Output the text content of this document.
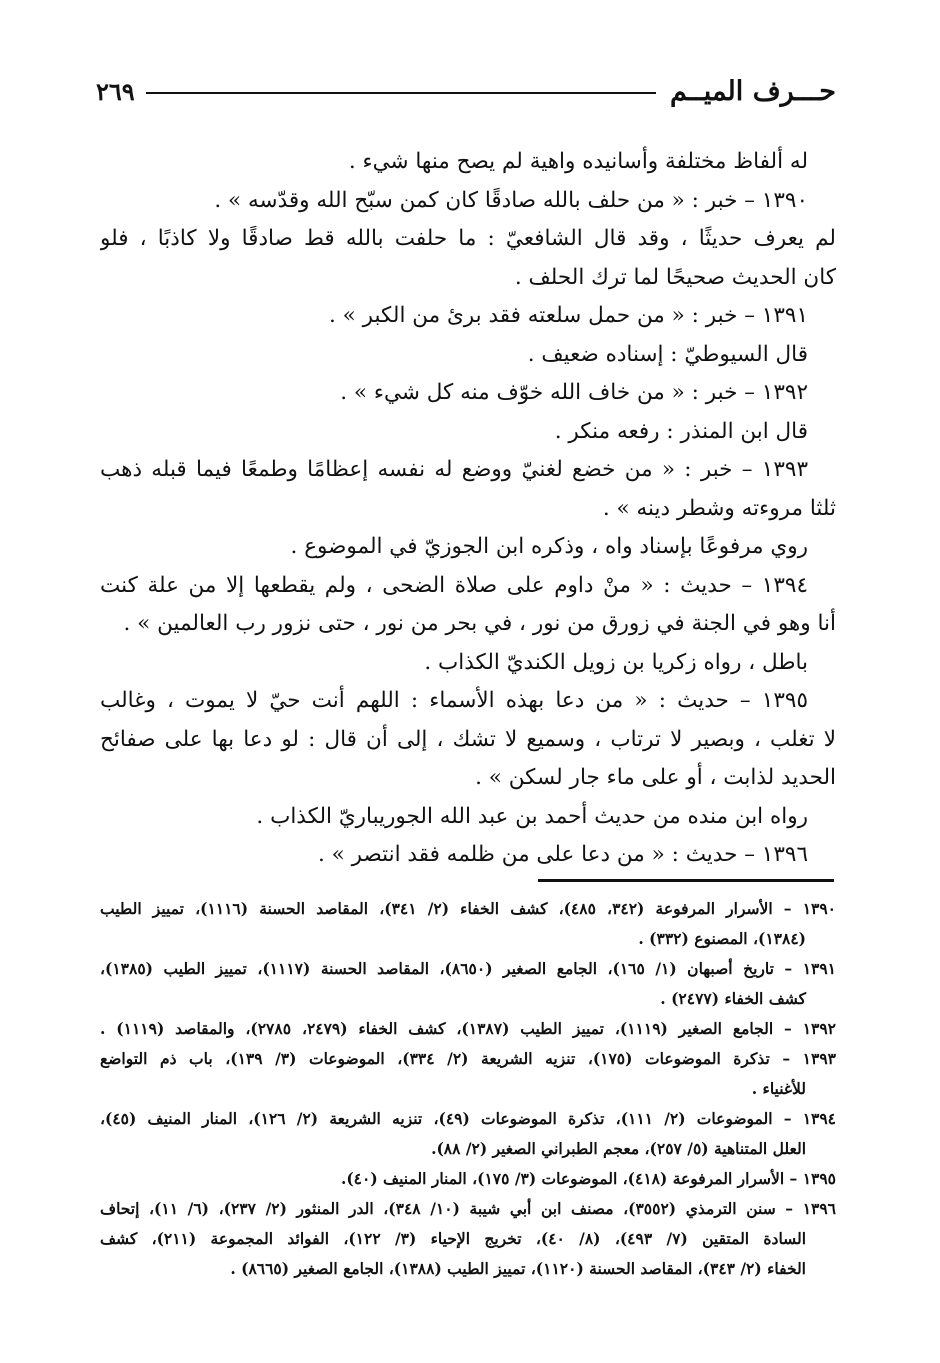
حـــرف الميــم
٢٦٩
له ألفاظ مختلفة وأسانيده واهية لم يصح منها شيء .
١٣٩٠ – خبر : « من حلف بالله صادقًا كان كمن سبّح الله وقدّسه » .
لم يعرف حديثًا ، وقد قال الشافعيّ : ما حلفت بالله قط صادقًا ولا كاذبًا ، فلو
كان الحديث صحيحًا لما ترك الحلف .
١٣٩١ – خبر : « من حمل سلعته فقد برئ من الكبر » .
قال السيوطيّ : إسناده ضعيف .
١٣٩٢ – خبر : « من خاف الله خوّف منه كل شيء » .
قال ابن المنذر : رفعه منكر .
١٣٩٣ – خبر : « من خضع لغنيّ ووضع له نفسه إعظامًا وطمعًا فيما قبله ذهب
ثلثا مروءته وشطر دينه » .
روي مرفوعًا بإسناد واه ، وذكره ابن الجوزيّ في الموضوع .
١٣٩٤ – حديث : « منْ داوم على صلاة الضحى ، ولم يقطعها إلا من علة كنت
أنا وهو في الجنة في زورق من نور ، في بحر من نور ، حتى نزور رب العالمين » .
باطل ، رواه زكريا بن زويل الكنديّ الكذاب .
١٣٩٥ – حديث : « من دعا بهذه الأسماء : اللهم أنت حيّ لا يموت ، وغالب
لا تغلب ، وبصير لا ترتاب ، وسميع لا تشك ، إلى أن قال : لو دعا بها على صفائح
الحديد لذابت ، أو على ماء جار لسكن » .
رواه ابن منده من حديث أحمد بن عبد الله الجوريباريّ الكذاب .
١٣٩٦ – حديث : « من دعا على من ظلمه فقد انتصر » .
١٣٩٠ – الأسرار المرفوعة (٣٤٢، ٤٨٥)، كشف الخفاء (٢/ ٣٤١)، المقاصد الحسنة (١١١٦)، تمييز الطيب
(١٣٨٤)، المصنوع (٣٣٢) .
١٣٩١ – تاريخ أصبهان (١/ ١٦٥)، الجامع الصغير (٨٦٥٠)، المقاصد الحسنة (١١١٧)، تمييز الطيب (١٣٨٥)،
كشف الخفاء (٢٤٧٧) .
١٣٩٢ – الجامع الصغير (١١١٩)، تمييز الطيب (١٣٨٧)، كشف الخفاء (٢٤٧٩، ٢٧٨٥)، والمقاصد (١١١٩) .
١٣٩٣ – تذكرة الموضوعات (١٧٥)، تنزيه الشريعة (٢/ ٣٣٤)، الموضوعات (٣/ ١٣٩)، باب ذم التواضع
للأغنياء .
١٣٩٤ – الموضوعات (٢/ ١١١)، تذكرة الموضوعات (٤٩)، تنزيه الشريعة (٢/ ١٢٦)، المنار المنيف (٤٥)،
العلل المتناهية (٥/ ٢٥٧)، معجم الطبراني الصغير (٢/ ٨٨).
١٣٩٥ – الأسرار المرفوعة (٤١٨)، الموضوعات (٣/ ١٧٥)، المنار المنيف (٤٠).
١٣٩٦ – سنن الترمذي (٣٥٥٢)، مصنف ابن أبي شيبة (١٠/ ٣٤٨)، الدر المنثور (٢/ ٢٣٧)، (٦/ ١١)، إتحاف
السادة المتقين (٧/ ٤٩٣)، (٨/ ٤٠)، تخريج الإحياء (٣/ ١٢٢)، الفوائد المجموعة (٢١١)، كشف
الخفاء (٢/ ٣٤٣)، المقاصد الحسنة (١١٢٠)، تمييز الطيب (١٣٨٨)، الجامع الصغير (٨٦٦٥) .
